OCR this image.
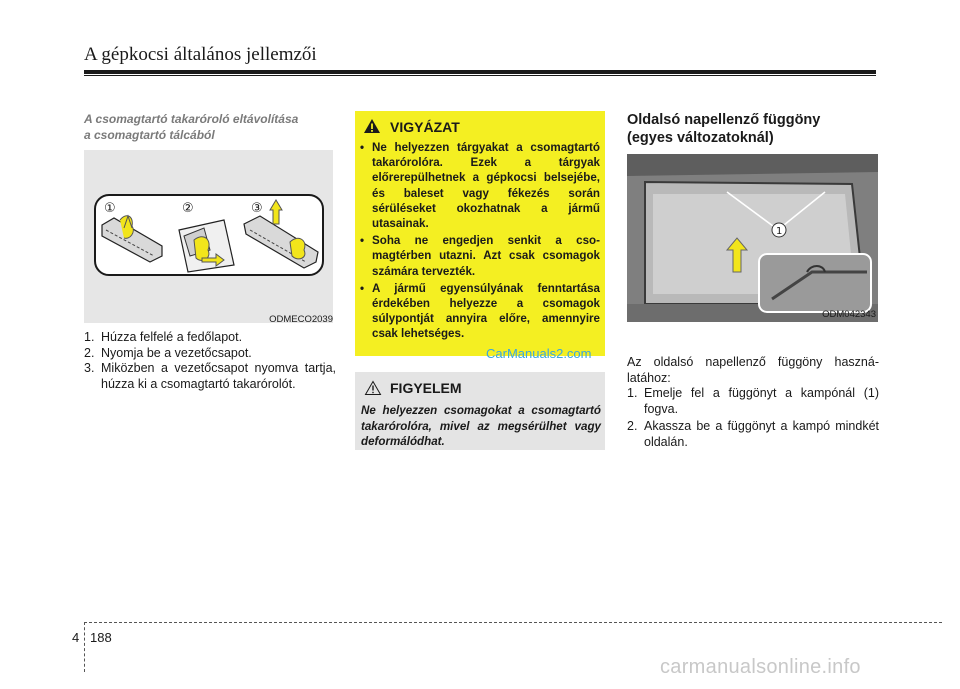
A gépkocsi általános jellemzői
A csomagtartó takaróroló eltávolítása
a csomagtartó tálcából
①	②	③
ODMECO2039
1. Húzza felfelé a fedőlapot.
2. Nyomja be a vezetőcsapot.
3. Miközben a vezetőcsapot nyomva tartja, húzza ki a csomagtartó takarórolót.
VIGYÁZAT
• Ne helyezzen tárgyakat a csomagtartó takarórolóra. Ezek a tárgyak előrerepülhetnek a gépkocsi belsejébe, és baleset vagy fékezés során sérüléseket okozhatnak a jármű utasainak.
• Soha ne engedjen senkit a csomagtérben utazni. Azt csak csomagok számára tervezték.
• A jármű egyensúlyának fenntartása érdekében helyezze a csomagok súlypontját annyira előre, amennyire csak lehetséges.
CarManuals2.com
FIGYELEM
Ne helyezzen csomagokat a csomagtartó takarórolóra, mivel az megsérülhet vagy deformálódhat.
Oldalsó napellenző függöny
(egyes változatoknál)
1
ODM042343
Az oldalsó napellenző függöny használatához:
1. Emelje fel a függönyt a kampónál (1) fogva.
2. Akassza be a függönyt a kampó mindkét oldalán.
4 188
carmanualsonline.info
